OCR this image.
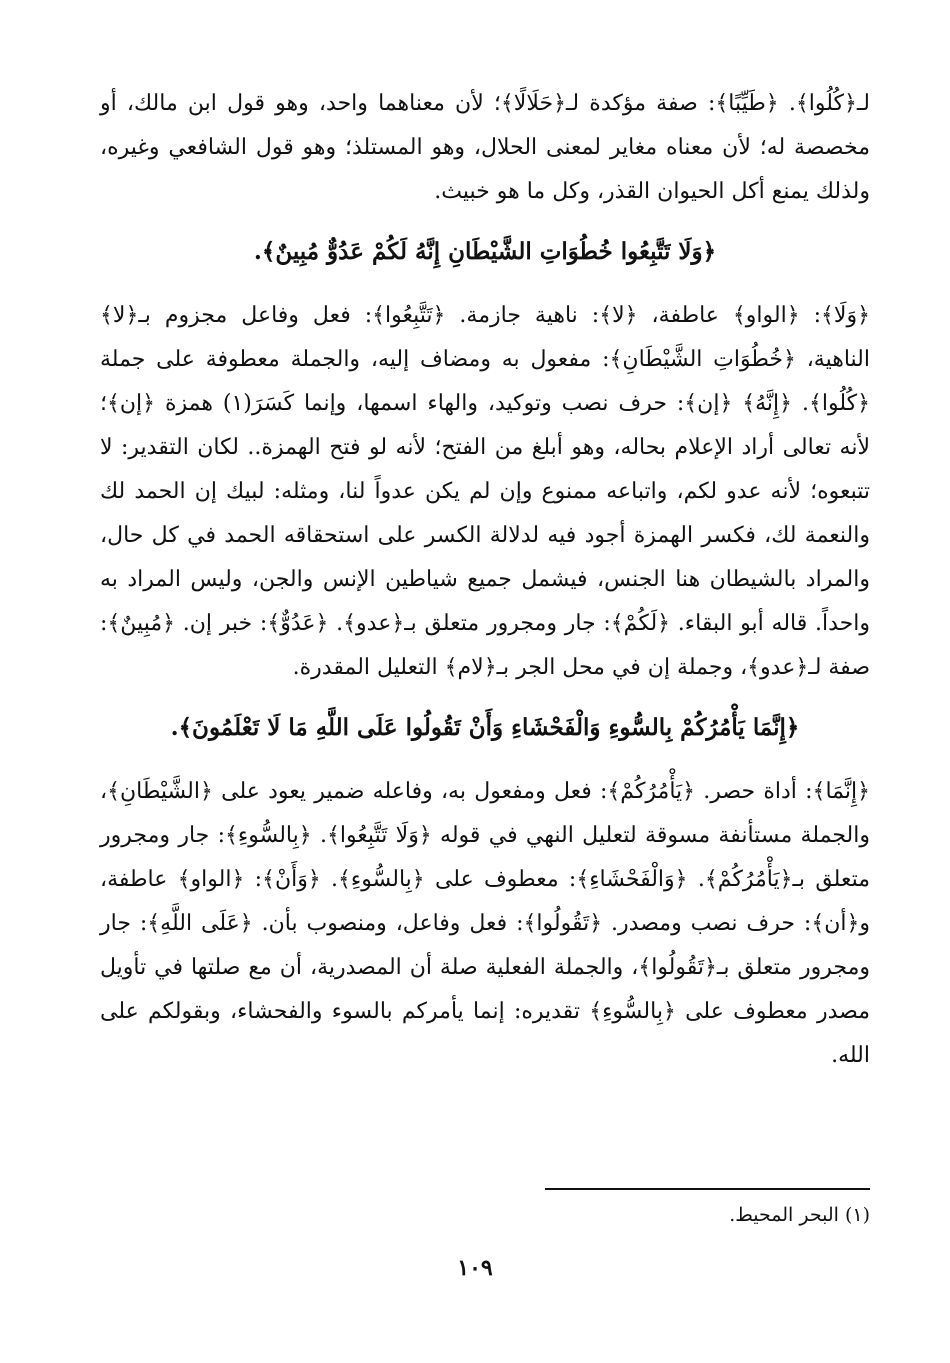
لـ﴿كُلُوا﴾. ﴿طَيِّبًا﴾: صفة مؤكدة لـ﴿حَلَالًا﴾؛ لأن معناهما واحد، وهو قول ابن مالك، أو مخصصة له؛ لأن معناه مغاير لمعنى الحلال، وهو المستلذ؛ وهو قول الشافعي وغيره، ولذلك يمنع أكل الحيوان القذر، وكل ما هو خبيث.

﴿وَلَا تَتَّبِعُوا خُطُوَاتِ الشَّيْطَانِ إِنَّهُ لَكُمْ عَدُوٌّ مُبِينٌ﴾.

﴿وَلَا﴾: ﴿الواو﴾ عاطفة، ﴿لا﴾: ناهية جازمة. ﴿تَتَّبِعُوا﴾: فعل وفاعل مجزوم بـ﴿لا﴾ الناهية، ﴿خُطُوَاتِ الشَّيْطَانِ﴾: مفعول به ومضاف إليه، والجملة معطوفة على جملة ﴿كُلُوا﴾. ﴿إِنَّهُ﴾ ﴿إن﴾: حرف نصب وتوكيد، والهاء اسمها، وإنما كَسَرَ(١) همزة ﴿إن﴾؛ لأنه تعالى أراد الإعلام بحاله، وهو أبلغ من الفتح؛ لأنه لو فتح الهمزة.. لكان التقدير: لا تتبعوه؛ لأنه عدو لكم، واتباعه ممنوع وإن لم يكن عدواً لنا، ومثله: لبيك إن الحمد لك والنعمة لك، فكسر الهمزة أجود فيه لدلالة الكسر على استحقاقه الحمد في كل حال، والمراد بالشيطان هنا الجنس، فيشمل جميع شياطين الإنس والجن، وليس المراد به واحداً. قاله أبو البقاء. ﴿لَكُمْ﴾: جار ومجرور متعلق بـ﴿عدو﴾. ﴿عَدُوٌّ﴾: خبر إن. ﴿مُبِينٌ﴾: صفة لـ﴿عدو﴾، وجملة إن في محل الجر بـ﴿لام﴾ التعليل المقدرة.

﴿إِنَّمَا يَأْمُرُكُمْ بِالسُّوءِ وَالْفَحْشَاءِ وَأَنْ تَقُولُوا عَلَى اللَّهِ مَا لَا تَعْلَمُونَ﴾.

﴿إِنَّمَا﴾: أداة حصر. ﴿يَأْمُرُكُمْ﴾: فعل ومفعول به، وفاعله ضمير يعود على ﴿الشَّيْطَانِ﴾، والجملة مستأنفة مسوقة لتعليل النهي في قوله ﴿وَلَا تَتَّبِعُوا﴾. ﴿بِالسُّوءِ﴾: جار ومجرور متعلق بـ﴿يَأْمُرُكُمْ﴾. ﴿وَالْفَحْشَاءِ﴾: معطوف على ﴿بِالسُّوءِ﴾. ﴿وَأَنْ﴾: ﴿الواو﴾ عاطفة، و﴿أن﴾: حرف نصب ومصدر. ﴿تَقُولُوا﴾: فعل وفاعل، ومنصوب بأن. ﴿عَلَى اللَّهِ﴾: جار ومجرور متعلق بـ﴿تَقُولُوا﴾، والجملة الفعلية صلة أن المصدرية، أن مع صلتها في تأويل مصدر معطوف على ﴿بِالسُّوءِ﴾ تقديره: إنما يأمركم بالسوء والفحشاء، وبقولكم على الله.

(١) البحر المحيط.
١٠٩
